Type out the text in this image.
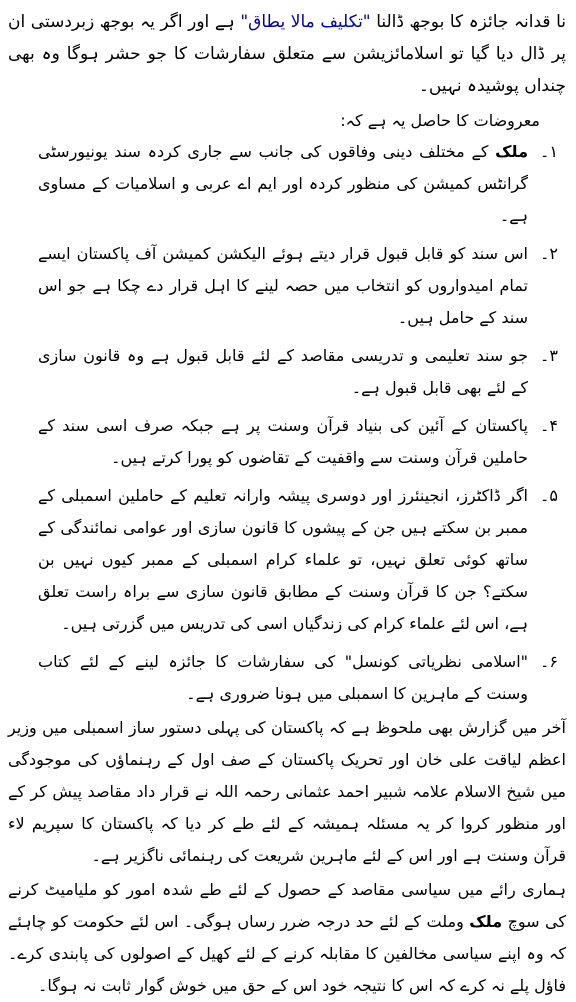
نا قدانہ جائزہ کا بوجھ ڈالنا "تکلیف مالا یطاق" ہے اور اگر یہ بوجھ زبردستی ان پر ڈال دیا گیا تو اسلامائزیشن سے متعلق سفارشات کا جو حشر ہوگا وہ بھی چنداں پوشیدہ نہیں۔

معروضات کا حاصل یہ ہے کہ:

۱۔
ملک کے مختلف دینی وفاقوں کی جانب سے جاری کردہ سند یونیورسٹی گرانٹس کمیشن کی منظور کردہ اور ایم اے عربی و اسلامیات کے مساوی ہے۔
۲۔
اس سند کو قابل قبول قرار دیتے ہوئے الیکشن کمیشن آف پاکستان ایسے تمام امیدواروں کو انتخاب میں حصہ لینے کا اہل قرار دے چکا ہے جو اس سند کے حامل ہیں۔
۳۔
جو سند تعلیمی و تدریسی مقاصد کے لئے قابل قبول ہے وہ قانون سازی کے لئے بھی قابل قبول ہے۔
۴۔
پاکستان کے آئین کی بنیاد قرآن وسنت پر ہے جبکہ صرف اسی سند کے حاملین قرآن وسنت سے واقفیت کے تقاضوں کو پورا کرتے ہیں۔
۵۔
اگر ڈاکٹرز، انجینئرز اور دوسری پیشہ وارانہ تعلیم کے حاملین اسمبلی کے ممبر بن سکتے ہیں جن کے پیشوں کا قانون سازی اور عوامی نمائندگی کے ساتھ کوئی تعلق نہیں، تو علماء کرام اسمبلی کے ممبر کیوں نہیں بن سکتے؟ جن کا قرآن وسنت کے مطابق قانون سازی سے براہ راست تعلق ہے، اس لئے علماء کرام کی زندگیاں اسی کی تدریس میں گزرتی ہیں۔
۶۔
"اسلامی نظریاتی کونسل" کی سفارشات کا جائزہ لینے کے لئے کتاب وسنت کے ماہرین کا اسمبلی میں ہونا ضروری ہے۔

آخر میں گزارش بھی ملحوظ ہے کہ پاکستان کی پہلی دستور ساز اسمبلی میں وزیر اعظم لیاقت علی خان اور تحریک پاکستان کے صف اول کے رہنماؤں کی موجودگی میں شیخ الاسلام علامہ شبیر احمد عثمانی رحمہ اللہ نے قرار داد مقاصد پیش کر کے اور منظور کروا کر یہ مسئلہ ہمیشہ کے لئے طے کر دیا کہ پاکستان کا سپریم لاء قرآن وسنت ہے اور اس کے لئے ماہرین شریعت کی رہنمائی ناگزیر ہے۔

ہماری رائے میں سیاسی مقاصد کے حصول کے لئے طے شدہ امور کو ملیامیٹ کرنے کی سوچ ملک وملت کے لئے حد درجہ ضرر رساں ہوگی۔ اس لئے حکومت کو چاہئے کہ وہ اپنے سیاسی مخالفین کا مقابلہ کرنے کے لئے کھیل کے اصولوں کی پابندی کرے۔ فاؤل پلے نہ کرے کہ اس کا نتیجہ خود اس کے حق میں خوش گوار ثابت نہ ہوگا۔
